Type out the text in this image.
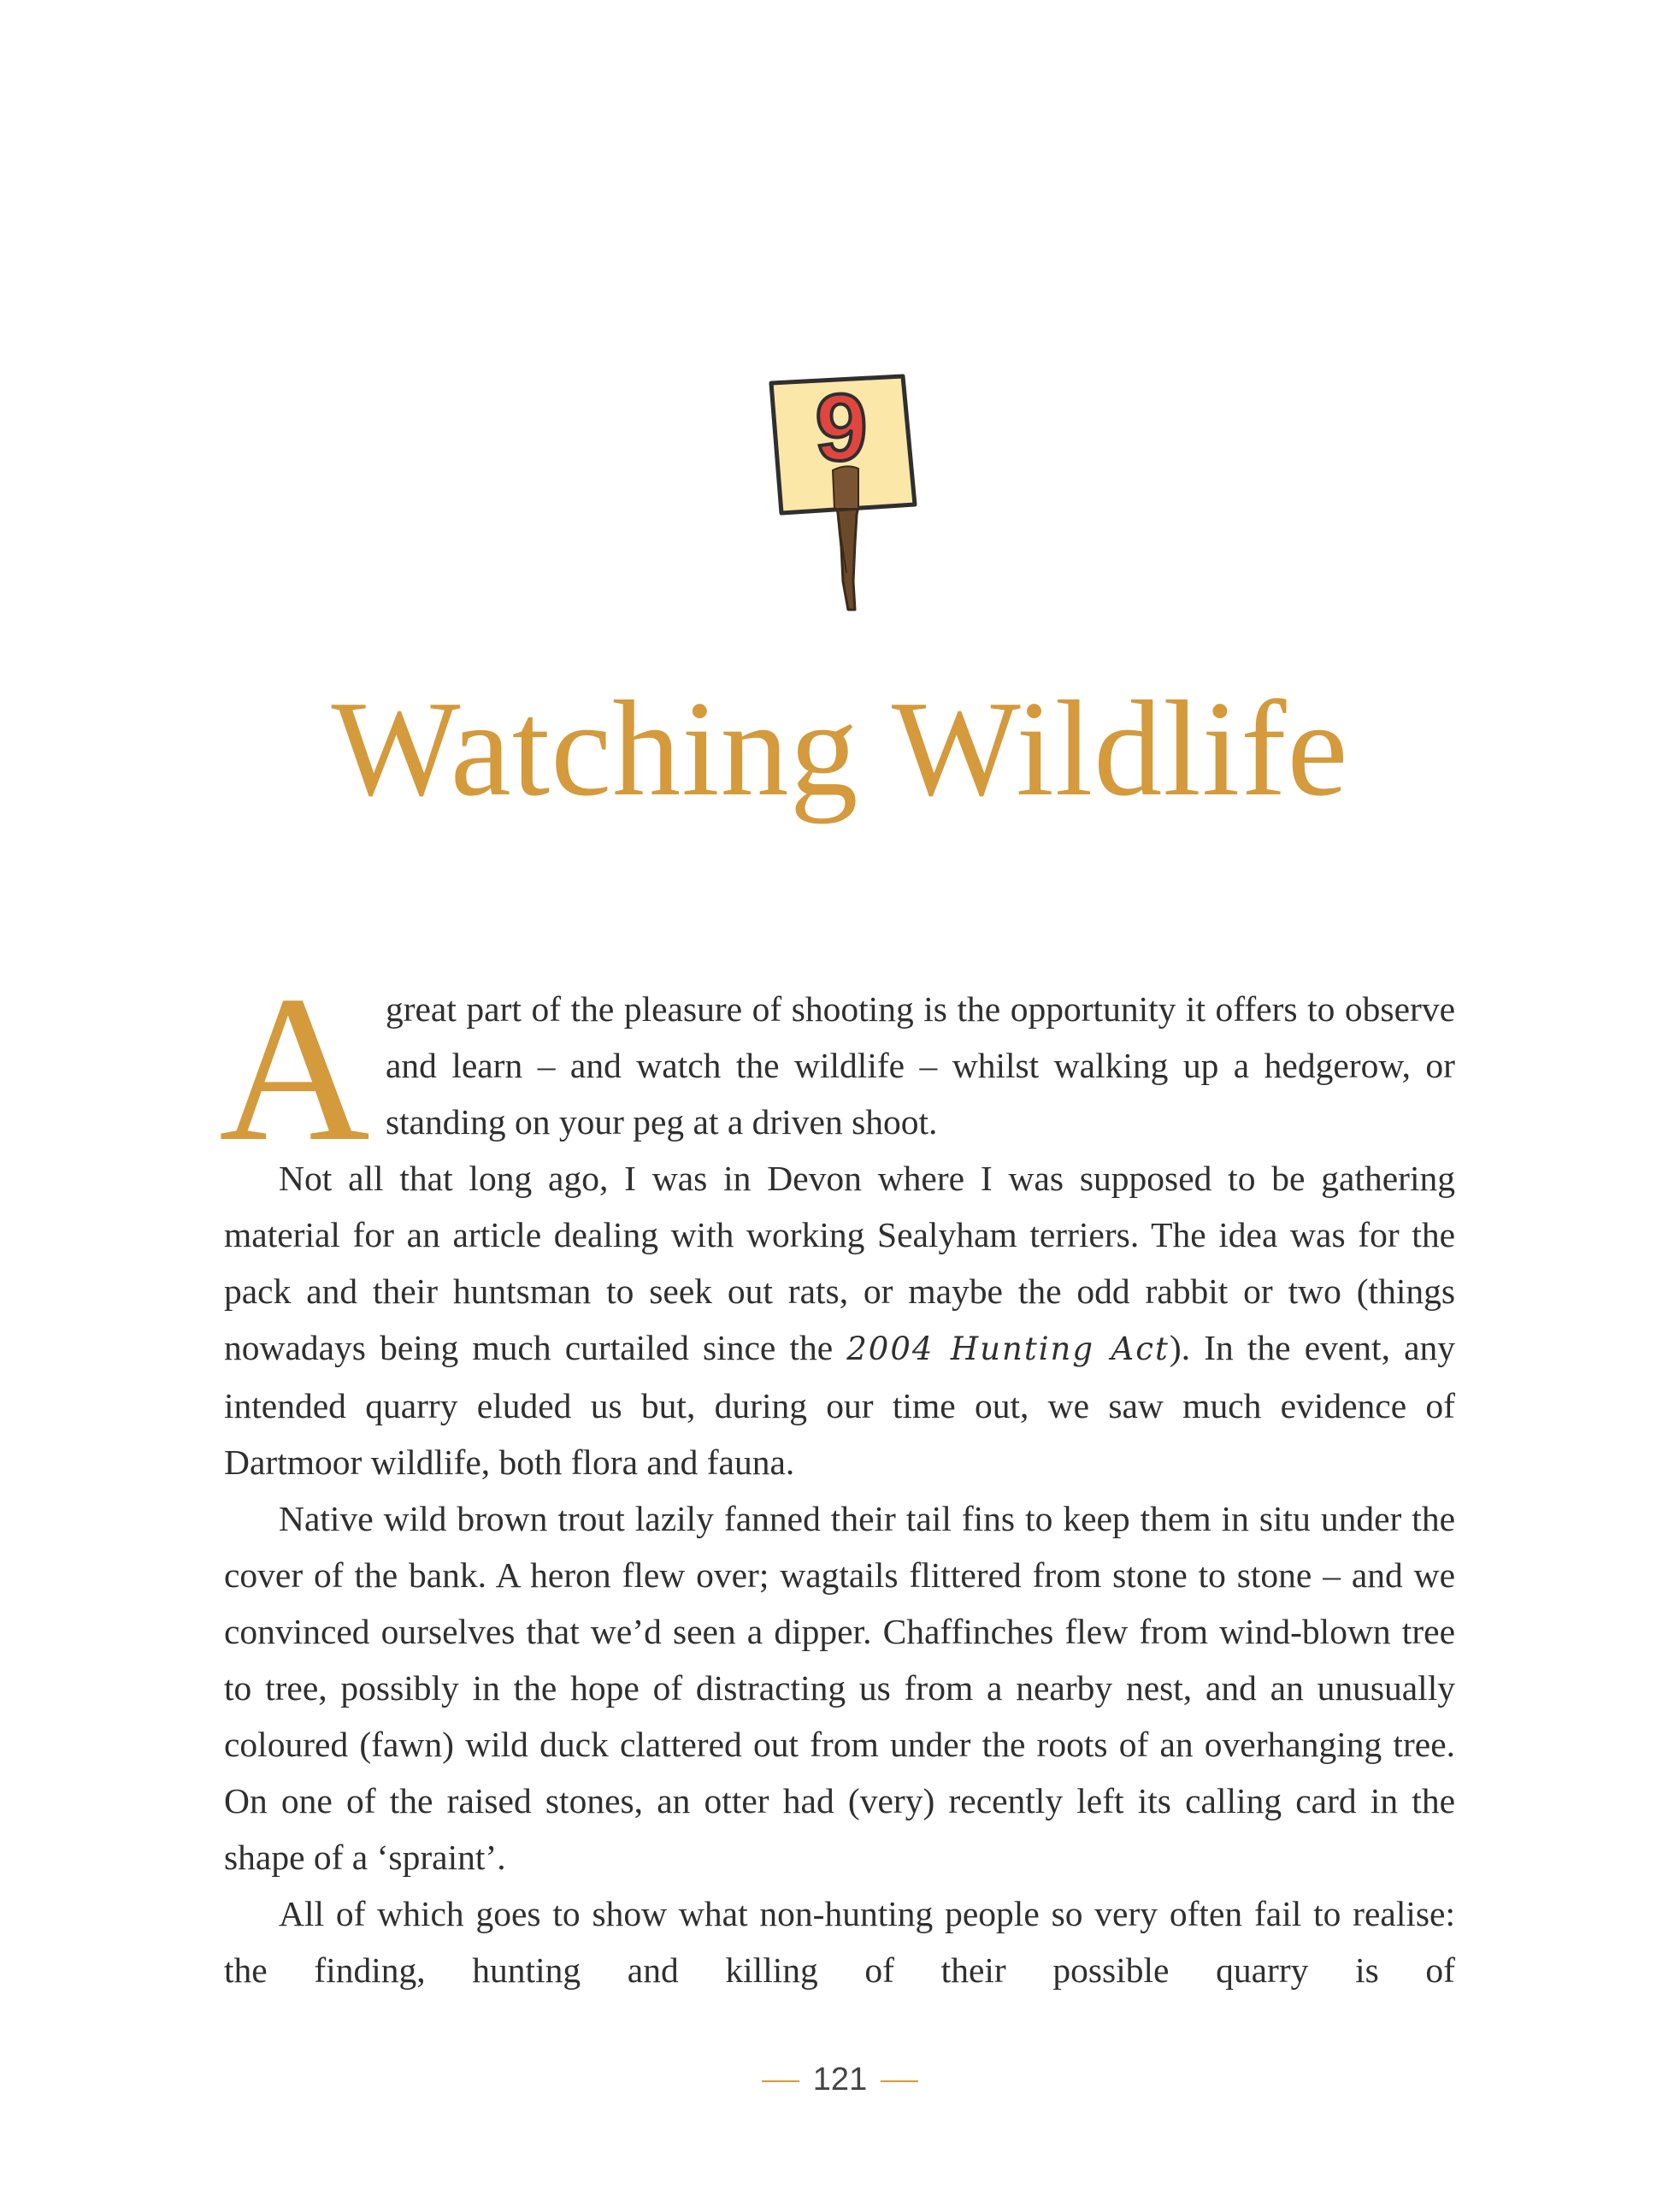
9
Watching Wildlife

Agreat part of the pleasure of shooting is the opportunity it offers to observe and learn – and watch the wildlife – whilst walking up a hedgerow, or standing on your peg at a driven shoot.

Not all that long ago, I was in Devon where I was supposed to be gathering material for an article dealing with working Sealyham terriers. The idea was for the pack and their huntsman to seek out rats, or maybe the odd rabbit or two (things nowadays being much curtailed since the 2004 Hunting Act). In the event, any intended quarry eluded us but, during our time out, we saw much evidence of Dartmoor wildlife, both flora and fauna.

Native wild brown trout lazily fanned their tail fins to keep them in situ under the cover of the bank. A heron flew over; wagtails flittered from stone to stone – and we convinced ourselves that we’d seen a dipper. Chaffinches flew from wind-blown tree to tree, possibly in the hope of distracting us from a nearby nest, and an unusually coloured (fawn) wild duck clattered out from under the roots of an overhanging tree. On one of the raised stones, an otter had (very) recently left its calling card in the shape of a ‘spraint’.

All of which goes to show what non-hunting people so very often fail to realise: the finding, hunting and killing of their possible quarry is of

121
